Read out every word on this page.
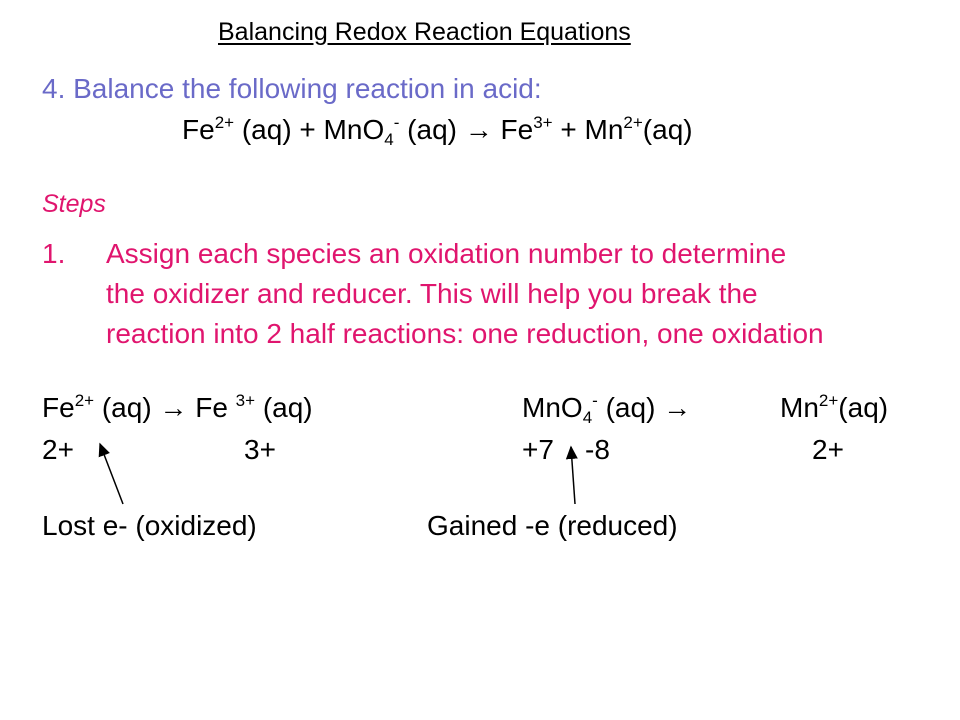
Balancing Redox Reaction Equations
4. Balance the following reaction in acid:
$Fe^{2+}$ (aq) + MnO$_4$- $(aq) \to Fe^{3+} + Mn^{2+}(aq)$
Steps
1. Assign each species an oxidation number to determine
the oxidizer and reducer. This will help you break the
reaction into 2 half reactions: one reduction, one oxidation
$Fe^{2+}$ (aq) → Fe $^{3+}$ (aq)	MnO$_4$- (aq) →	$Mn^{2+}(aq)$
2+	3+	+7 -8	2+
Lost e- (oxidized)	Gained -e (reduced)
